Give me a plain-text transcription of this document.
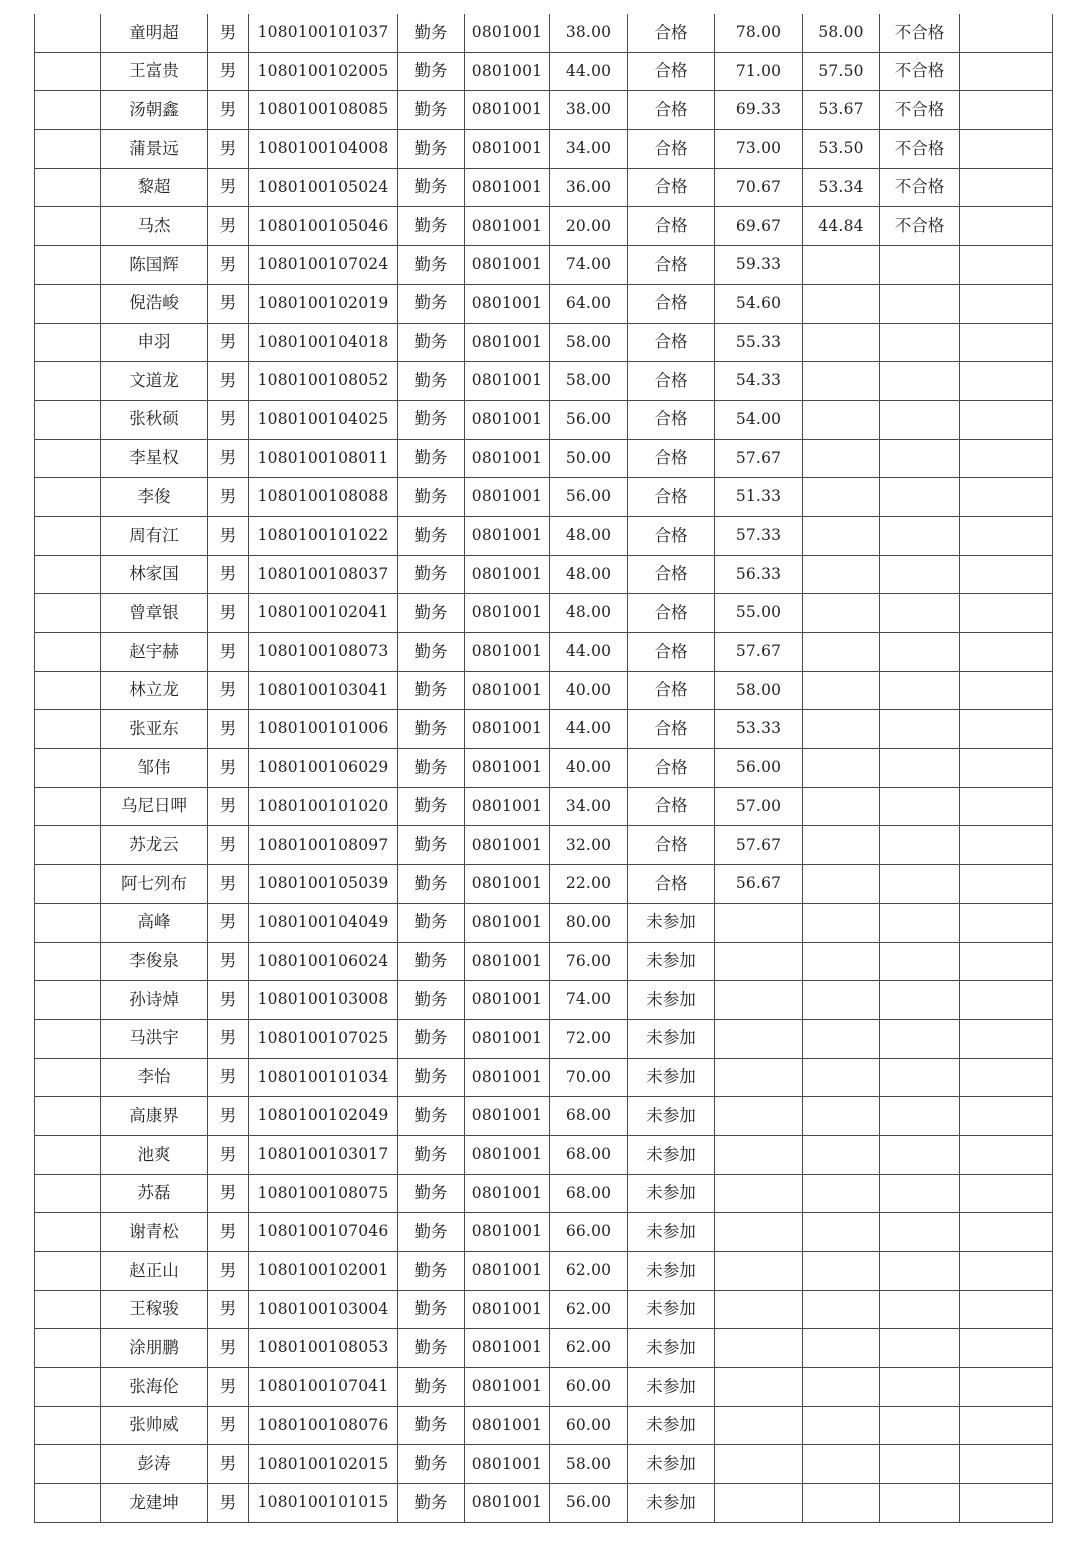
	童明超	男	1080100101037	勤务	0801001	38.00	合格	78.00	58.00	不合格	
	王富贵	男	1080100102005	勤务	0801001	44.00	合格	71.00	57.50	不合格	
	汤朝鑫	男	1080100108085	勤务	0801001	38.00	合格	69.33	53.67	不合格	
	蒲景远	男	1080100104008	勤务	0801001	34.00	合格	73.00	53.50	不合格	
	黎超	男	1080100105024	勤务	0801001	36.00	合格	70.67	53.34	不合格	
	马杰	男	1080100105046	勤务	0801001	20.00	合格	69.67	44.84	不合格	
	陈国辉	男	1080100107024	勤务	0801001	74.00	合格	59.33			
	倪浩峻	男	1080100102019	勤务	0801001	64.00	合格	54.60			
	申羽	男	1080100104018	勤务	0801001	58.00	合格	55.33			
	文道龙	男	1080100108052	勤务	0801001	58.00	合格	54.33			
	张秋硕	男	1080100104025	勤务	0801001	56.00	合格	54.00			
	李星权	男	1080100108011	勤务	0801001	50.00	合格	57.67			
	李俊	男	1080100108088	勤务	0801001	56.00	合格	51.33			
	周有江	男	1080100101022	勤务	0801001	48.00	合格	57.33			
	林家国	男	1080100108037	勤务	0801001	48.00	合格	56.33			
	曾章银	男	1080100102041	勤务	0801001	48.00	合格	55.00			
	赵宇赫	男	1080100108073	勤务	0801001	44.00	合格	57.67			
	林立龙	男	1080100103041	勤务	0801001	40.00	合格	58.00			
	张亚东	男	1080100101006	勤务	0801001	44.00	合格	53.33			
	邹伟	男	1080100106029	勤务	0801001	40.00	合格	56.00			
	乌尼日呷	男	1080100101020	勤务	0801001	34.00	合格	57.00			
	苏龙云	男	1080100108097	勤务	0801001	32.00	合格	57.67			
	阿七列布	男	1080100105039	勤务	0801001	22.00	合格	56.67			
	高峰	男	1080100104049	勤务	0801001	80.00	未参加				
	李俊泉	男	1080100106024	勤务	0801001	76.00	未参加				
	孙诗焯	男	1080100103008	勤务	0801001	74.00	未参加				
	马洪宇	男	1080100107025	勤务	0801001	72.00	未参加				
	李怡	男	1080100101034	勤务	0801001	70.00	未参加				
	高康界	男	1080100102049	勤务	0801001	68.00	未参加				
	池爽	男	1080100103017	勤务	0801001	68.00	未参加				
	苏磊	男	1080100108075	勤务	0801001	68.00	未参加				
	谢青松	男	1080100107046	勤务	0801001	66.00	未参加				
	赵正山	男	1080100102001	勤务	0801001	62.00	未参加				
	王稼骏	男	1080100103004	勤务	0801001	62.00	未参加				
	涂朋鹏	男	1080100108053	勤务	0801001	62.00	未参加				
	张海伦	男	1080100107041	勤务	0801001	60.00	未参加				
	张帅威	男	1080100108076	勤务	0801001	60.00	未参加				
	彭涛	男	1080100102015	勤务	0801001	58.00	未参加				
	龙建坤	男	1080100101015	勤务	0801001	56.00	未参加				
